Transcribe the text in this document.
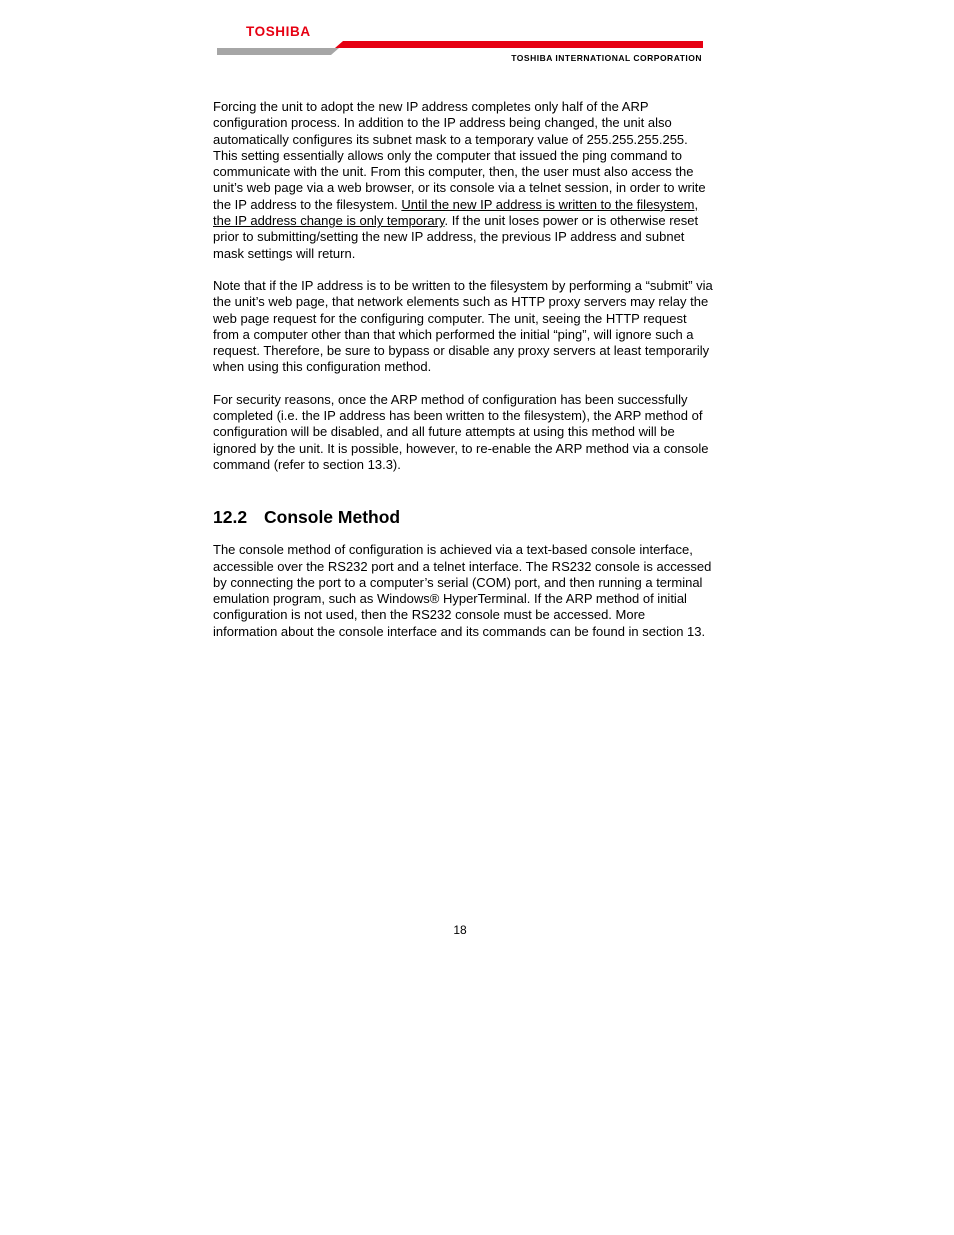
TOSHIBA
TOSHIBA INTERNATIONAL CORPORATION

Forcing the unit to adopt the new IP address completes only half of the ARP configuration process. In addition to the IP address being changed, the unit also automatically configures its subnet mask to a temporary value of 255.255.255.255. This setting essentially allows only the computer that issued the ping command to communicate with the unit. From this computer, then, the user must also access the unit’s web page via a web browser, or its console via a telnet session, in order to write the IP address to the filesystem. Until the new IP address is written to the filesystem, the IP address change is only temporary. If the unit loses power or is otherwise reset prior to submitting/setting the new IP address, the previous IP address and subnet mask settings will return.

Note that if the IP address is to be written to the filesystem by performing a “submit” via the unit’s web page, that network elements such as HTTP proxy servers may relay the web page request for the configuring computer. The unit, seeing the HTTP request from a computer other than that which performed the initial “ping”, will ignore such a request. Therefore, be sure to bypass or disable any proxy servers at least temporarily when using this configuration method.

For security reasons, once the ARP method of configuration has been successfully completed (i.e. the IP address has been written to the filesystem), the ARP method of configuration will be disabled, and all future attempts at using this method will be ignored by the unit. It is possible, however, to re-enable the ARP method via a console command (refer to section 13.3).

12.2 Console Method

The console method of configuration is achieved via a text-based console interface, accessible over the RS232 port and a telnet interface. The RS232 console is accessed by connecting the port to a computer’s serial (COM) port, and then running a terminal emulation program, such as Windows® HyperTerminal. If the ARP method of initial configuration is not used, then the RS232 console must be accessed. More information about the console interface and its commands can be found in section 13.

18
